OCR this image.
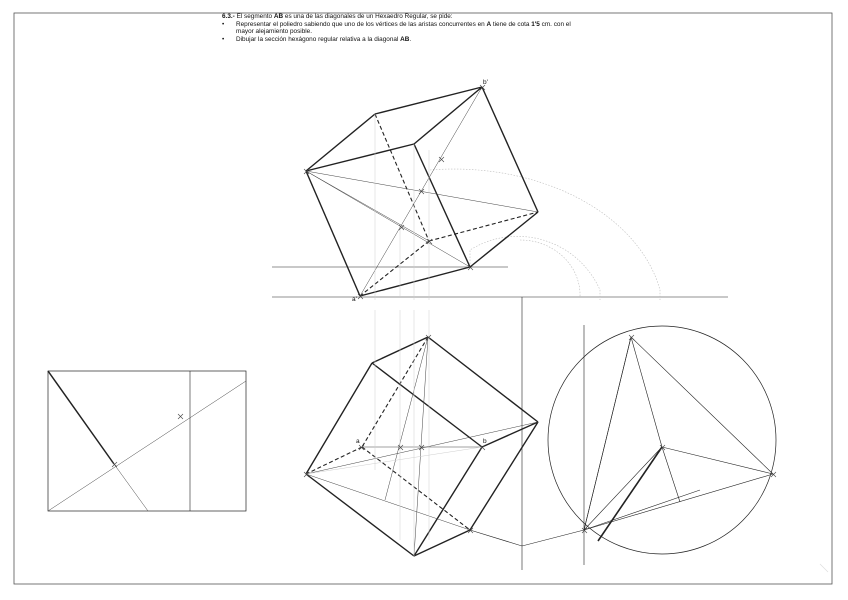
6.3.- El segmento AB es una de las diagonales de un Hexaedro Regular, se pide:
•	Representar el poliedro sabiendo que uno de los vértices de las aristas concurrentes en A tiene de cota 1'5 cm. con el
mayor alejamiento posible.
•	Dibujar la sección hexágono regular relativa a la diagonal AB.
b'
a'
a	b
